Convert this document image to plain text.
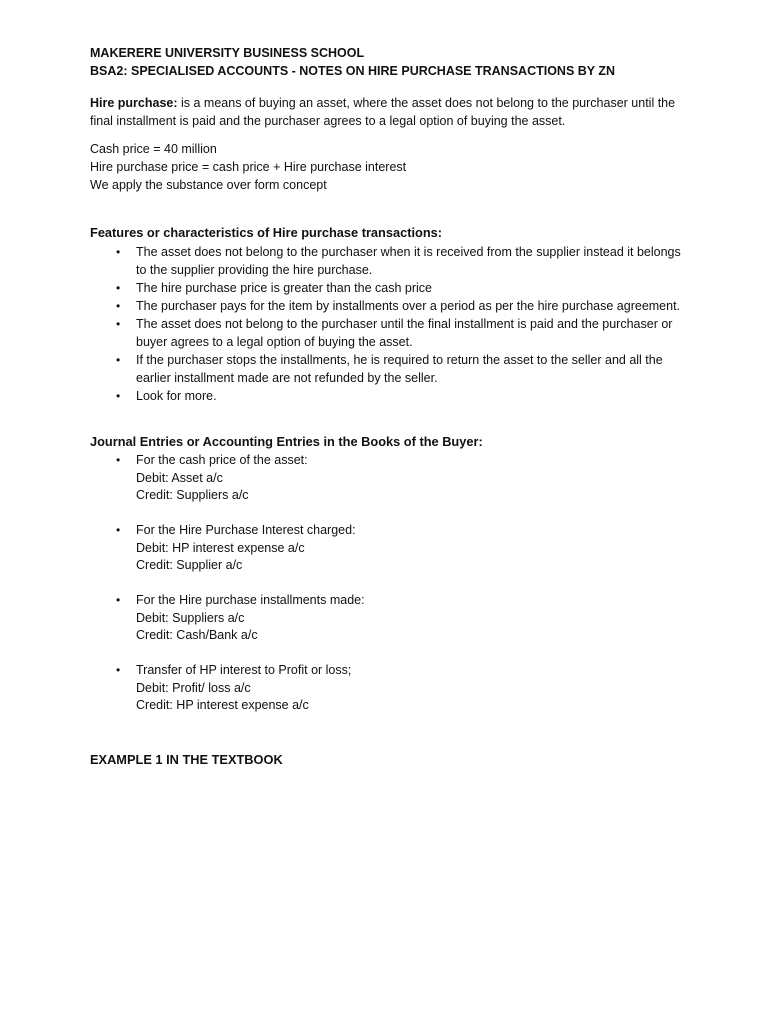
MAKERERE UNIVERSITY BUSINESS SCHOOL
BSA2: SPECIALISED ACCOUNTS - NOTES ON HIRE PURCHASE TRANSACTIONS BY ZN
Hire purchase: is a means of buying an asset, where the asset does not belong to the purchaser until the final installment is paid and the purchaser agrees to a legal option of buying the asset.
Cash price = 40 million
Hire purchase price = cash price + Hire purchase interest
We apply the substance over form concept
Features or characteristics of Hire purchase transactions:
• The asset does not belong to the purchaser when it is received from the supplier instead it belongs to the supplier providing the hire purchase.
• The hire purchase price is greater than the cash price
• The purchaser pays for the item by installments over a period as per the hire purchase agreement.
• The asset does not belong to the purchaser until the final installment is paid and the purchaser or buyer agrees to a legal option of buying the asset.
• If the purchaser stops the installments, he is required to return the asset to the seller and all the earlier installment made are not refunded by the seller.
• Look for more.
Journal Entries or Accounting Entries in the Books of the Buyer:
• For the cash price of the asset:
Debit: Asset a/c
Credit: Suppliers a/c
• For the Hire Purchase Interest charged:
Debit: HP interest expense a/c
Credit: Supplier a/c
• For the Hire purchase installments made:
Debit: Suppliers a/c
Credit: Cash/Bank a/c
• Transfer of HP interest to Profit or loss;
Debit: Profit/ loss a/c
Credit: HP interest expense a/c
EXAMPLE 1 IN THE TEXTBOOK
